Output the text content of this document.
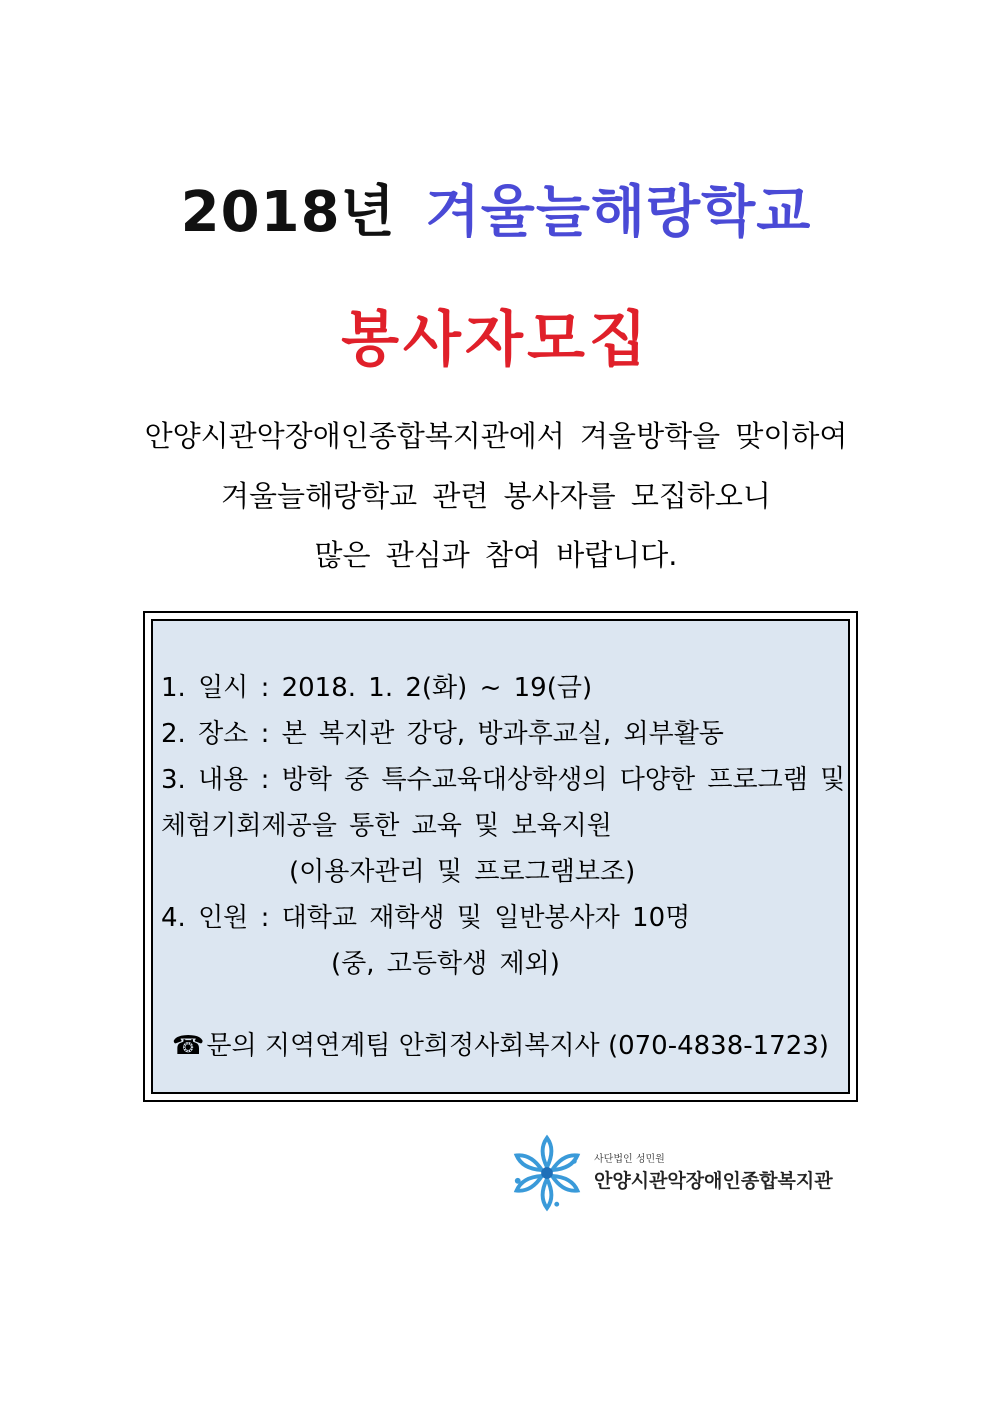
2018년 겨울늘해랑학교
봉사자모집
안양시관악장애인종합복지관에서 겨울방학을 맞이하여
겨울늘해랑학교 관련 봉사자를 모집하오니
많은 관심과 참여 바랍니다.
1. 일시 : 2018. 1. 2(화) ~ 19(금)
2. 장소 : 본 복지관 강당, 방과후교실, 외부활동
3. 내용 : 방학 중 특수교육대상학생의 다양한 프로그램 및
체험기회제공을 통한 교육 및 보육지원
(이용자관리 및 프로그램보조)
4. 인원 : 대학교 재학생 및 일반봉사자 10명
(중, 고등학생 제외)
☎문의 지역연계팀 안희정사회복지사 (070-4838-1723)
사단법인 성민원
안양시관악장애인종합복지관
